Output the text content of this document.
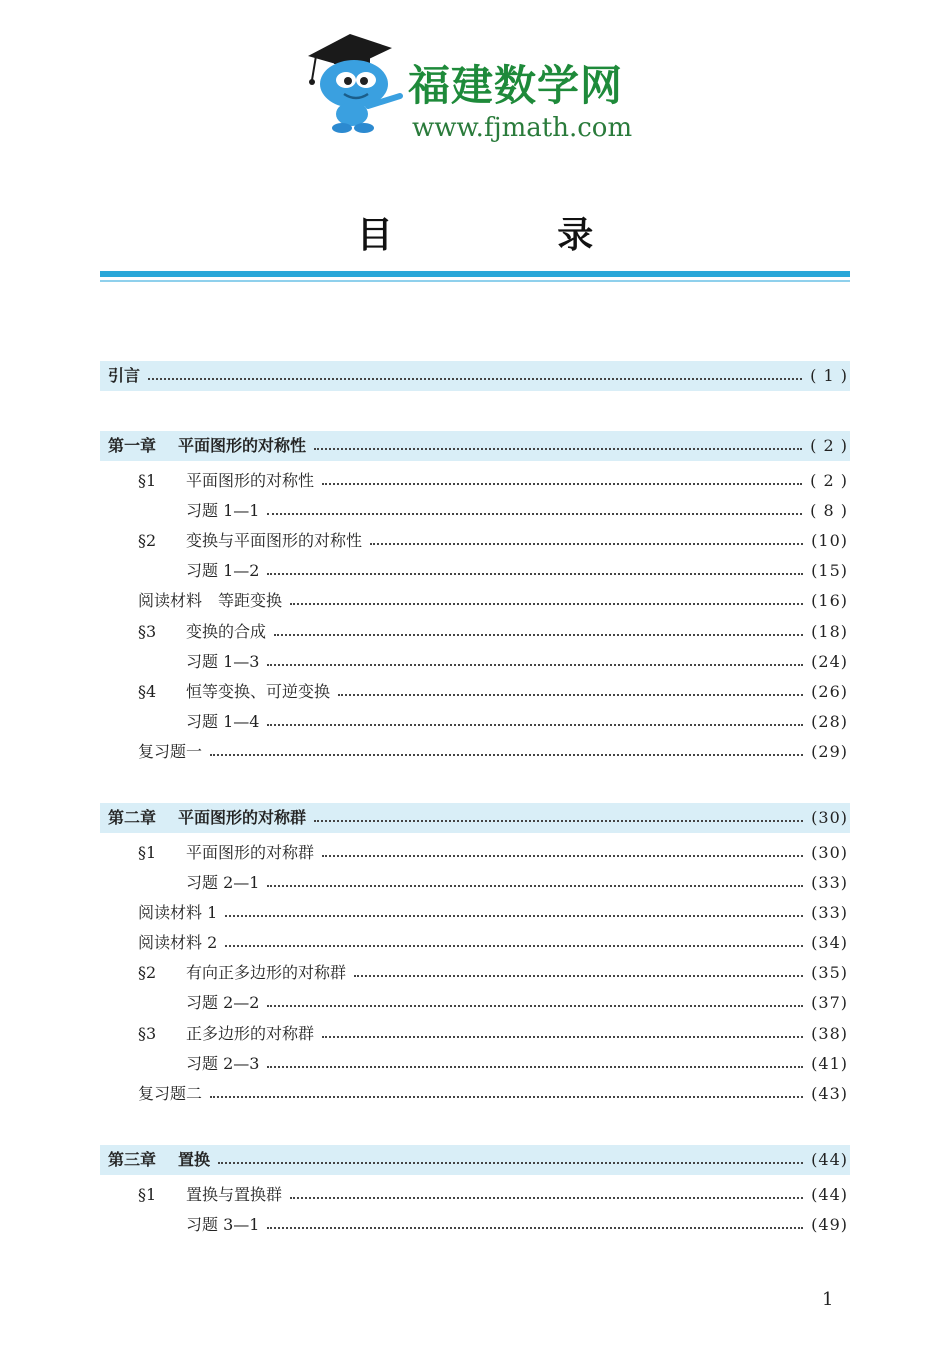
福建数学网
www.fjmath.com
目 录
引言	( 1 )
第一章	平面图形的对称性	( 2 )
§1	平面图形的对称性	( 2 )
习题 1—1	( 8 )
§2	变换与平面图形的对称性	(10)
习题 1—2	(15)
阅读材料　等距变换	(16)
§3	变换的合成	(18)
习题 1—3	(24)
§4	恒等变换、可逆变换	(26)
习题 1—4	(28)
复习题一	(29)
第二章	平面图形的对称群	(30)
§1	平面图形的对称群	(30)
习题 2—1	(33)
阅读材料 1	(33)
阅读材料 2	(34)
§2	有向正多边形的对称群	(35)
习题 2—2	(37)
§3	正多边形的对称群	(38)
习题 2—3	(41)
复习题二	(43)
第三章	置换	(44)
§1	置换与置换群	(44)
习题 3—1	(49)
1
